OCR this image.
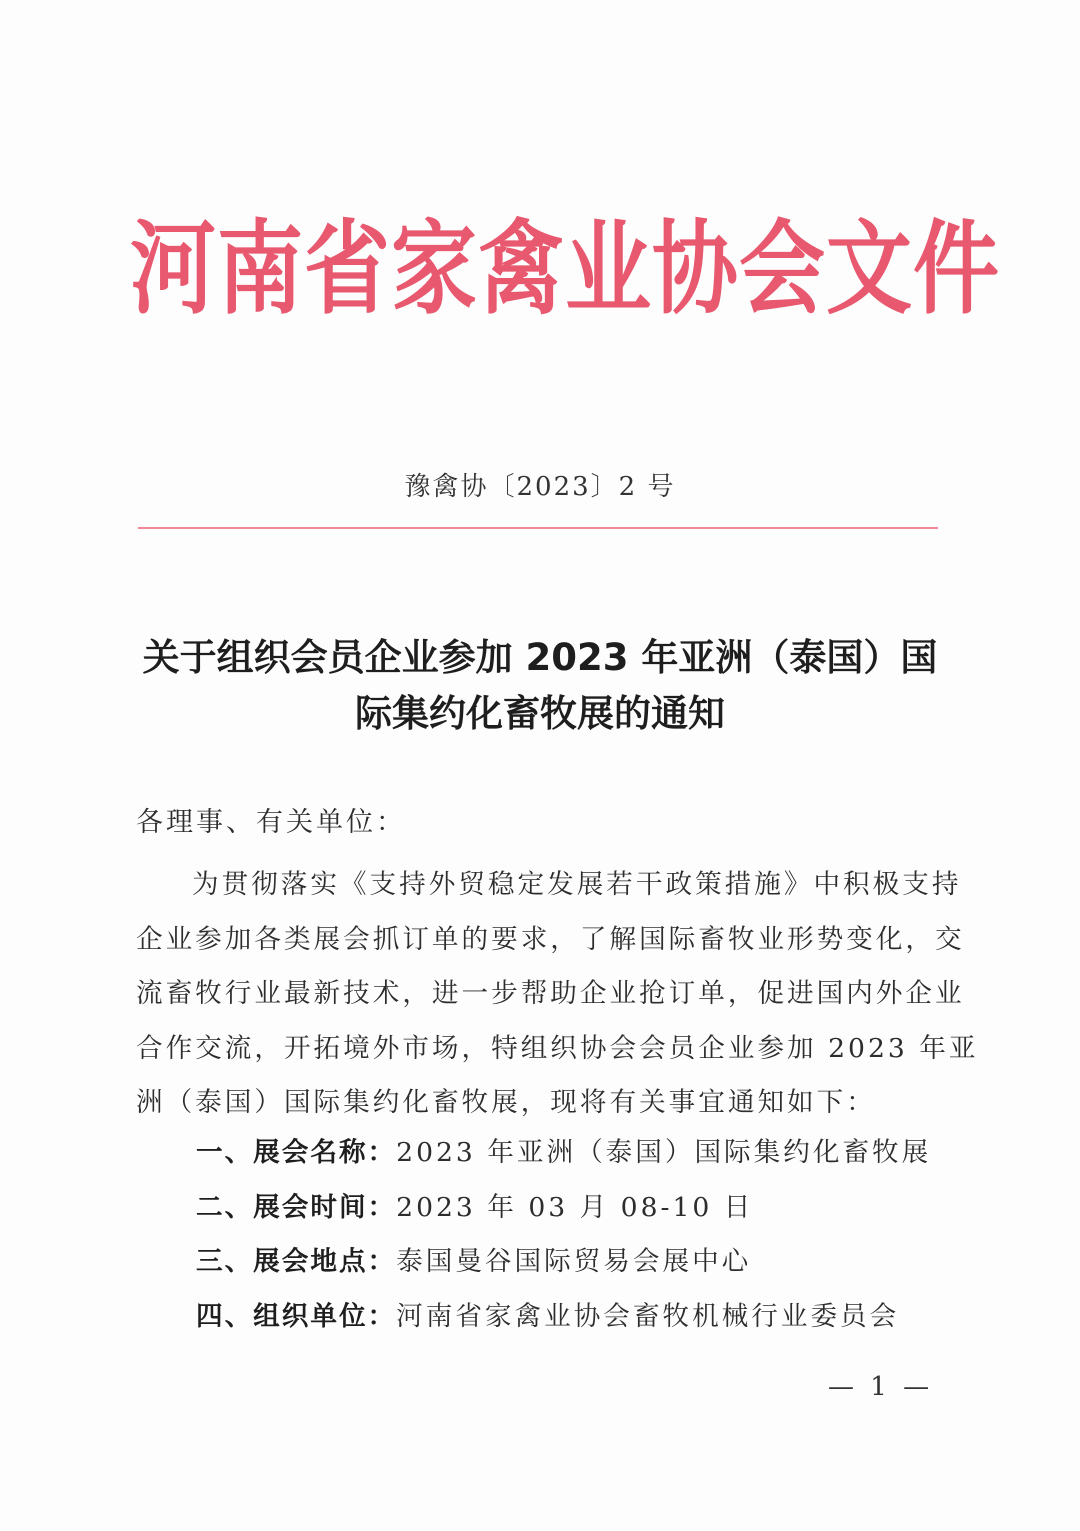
河南省家禽业协会文件
豫禽协〔2023〕2 号
关于组织会员企业参加 2023 年亚洲（泰国）国
际集约化畜牧展的通知
各理事、有关单位：
为贯彻落实《支持外贸稳定发展若干政策措施》中积极支持
企业参加各类展会抓订单的要求，了解国际畜牧业形势变化，交
流畜牧行业最新技术，进一步帮助企业抢订单，促进国内外企业
合作交流，开拓境外市场，特组织协会会员企业参加 2023 年亚
洲（泰国）国际集约化畜牧展，现将有关事宜通知如下：
一、展会名称：2023 年亚洲（泰国）国际集约化畜牧展
二、展会时间：2023 年 03 月 08-10 日
三、展会地点：泰国曼谷国际贸易会展中心
四、组织单位：河南省家禽业协会畜牧机械行业委员会
— 1 —
